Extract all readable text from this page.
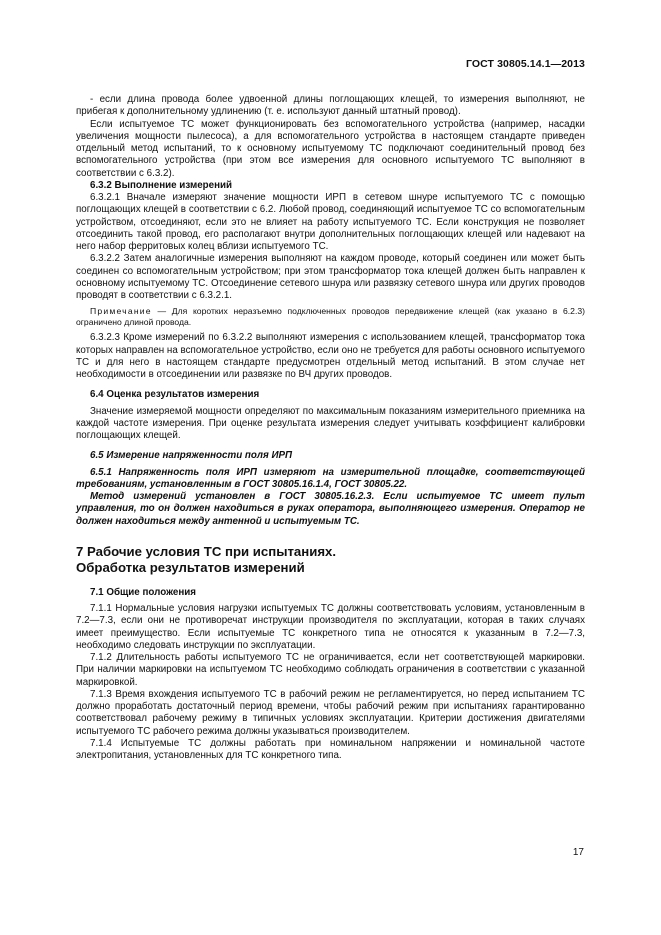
ГОСТ 30805.14.1—2013

- если длина провода более удвоенной длины поглощающих клещей, то измерения выполняют, не прибегая к дополнительному удлинению (т. е. используют данный штатный провод).

Если испытуемое ТС может функционировать без вспомогательного устройства (например, насадки увеличения мощности пылесоса), а для вспомогательного устройства в настоящем стандарте приведен отдельный метод испытаний, то к основному испытуемому ТС подключают соединительный провод без вспомогательного устройства (при этом все измерения для основного испытуемого ТС выполняют в соответствии с 6.3.2).

6.3.2 Выполнение измерений

6.3.2.1 Вначале измеряют значение мощности ИРП в сетевом шнуре испытуемого ТС с помощью поглощающих клещей в соответствии с 6.2. Любой провод, соединяющий испытуемое ТС со вспомогательным устройством, отсоединяют, если это не влияет на работу испытуемого ТС. Если конструкция не позволяет отсоединить такой провод, его располагают внутри дополнительных поглощающих клещей или надевают на него набор ферритовых колец вблизи испытуемого ТС.

6.3.2.2 Затем аналогичные измерения выполняют на каждом проводе, который соединен или может быть соединен со вспомогательным устройством; при этом трансформатор тока клещей должен быть направлен к основному испытуемому ТС. Отсоединение сетевого шнура или развязку сетевого шнура или других проводов проводят в соответствии с 6.3.2.1.

Примечание — Для коротких неразъемно подключенных проводов передвижение клещей (как указано в 6.2.3) ограничено длиной провода.

6.3.2.3 Кроме измерений по 6.3.2.2 выполняют измерения с использованием клещей, трансформатор тока которых направлен на вспомогательное устройство, если оно не требуется для работы основного испытуемого ТС и для него в настоящем стандарте предусмотрен отдельный метод испытаний. В этом случае нет необходимости в отсоединении или развязке по ВЧ других проводов.

6.4 Оценка результатов измерения

Значение измеряемой мощности определяют по максимальным показаниям измерительного приемника на каждой частоте измерения. При оценке результата измерения следует учитывать коэффициент калибровки поглощающих клещей.

6.5 Измерение напряженности поля ИРП

6.5.1 Напряженность поля ИРП измеряют на измерительной площадке, соответствующей требованиям, установленным в ГОСТ 30805.16.1.4, ГОСТ 30805.22.

Метод измерений установлен в ГОСТ 30805.16.2.3. Если испытуемое ТС имеет пульт управления, то он должен находиться в руках оператора, выполняющего измерения. Оператор не должен находиться между антенной и испытуемым ТС.

7 Рабочие условия ТС при испытаниях.

Обработка результатов измерений

7.1 Общие положения

7.1.1 Нормальные условия нагрузки испытуемых ТС должны соответствовать условиям, установленным в 7.2—7.3, если они не противоречат инструкции производителя по эксплуатации, которая в таких случаях имеет преимущество. Если испытуемые ТС конкретного типа не относятся к указанным в 7.2—7.3, необходимо следовать инструкции по эксплуатации.

7.1.2 Длительность работы испытуемого ТС не ограничивается, если нет соответствующей маркировки. При наличии маркировки на испытуемом ТС необходимо соблюдать ограничения в соответствии с указанной маркировкой.

7.1.3 Время вхождения испытуемого ТС в рабочий режим не регламентируется, но перед испытанием ТС должно проработать достаточный период времени, чтобы рабочий режим при испытаниях гарантированно соответствовал рабочему режиму в типичных условиях эксплуатации. Критерии достижения двигателями испытуемого ТС рабочего режима должны указываться производителем.

7.1.4 Испытуемые ТС должны работать при номинальном напряжении и номинальной частоте электропитания, установленных для ТС конкретного типа.

17
